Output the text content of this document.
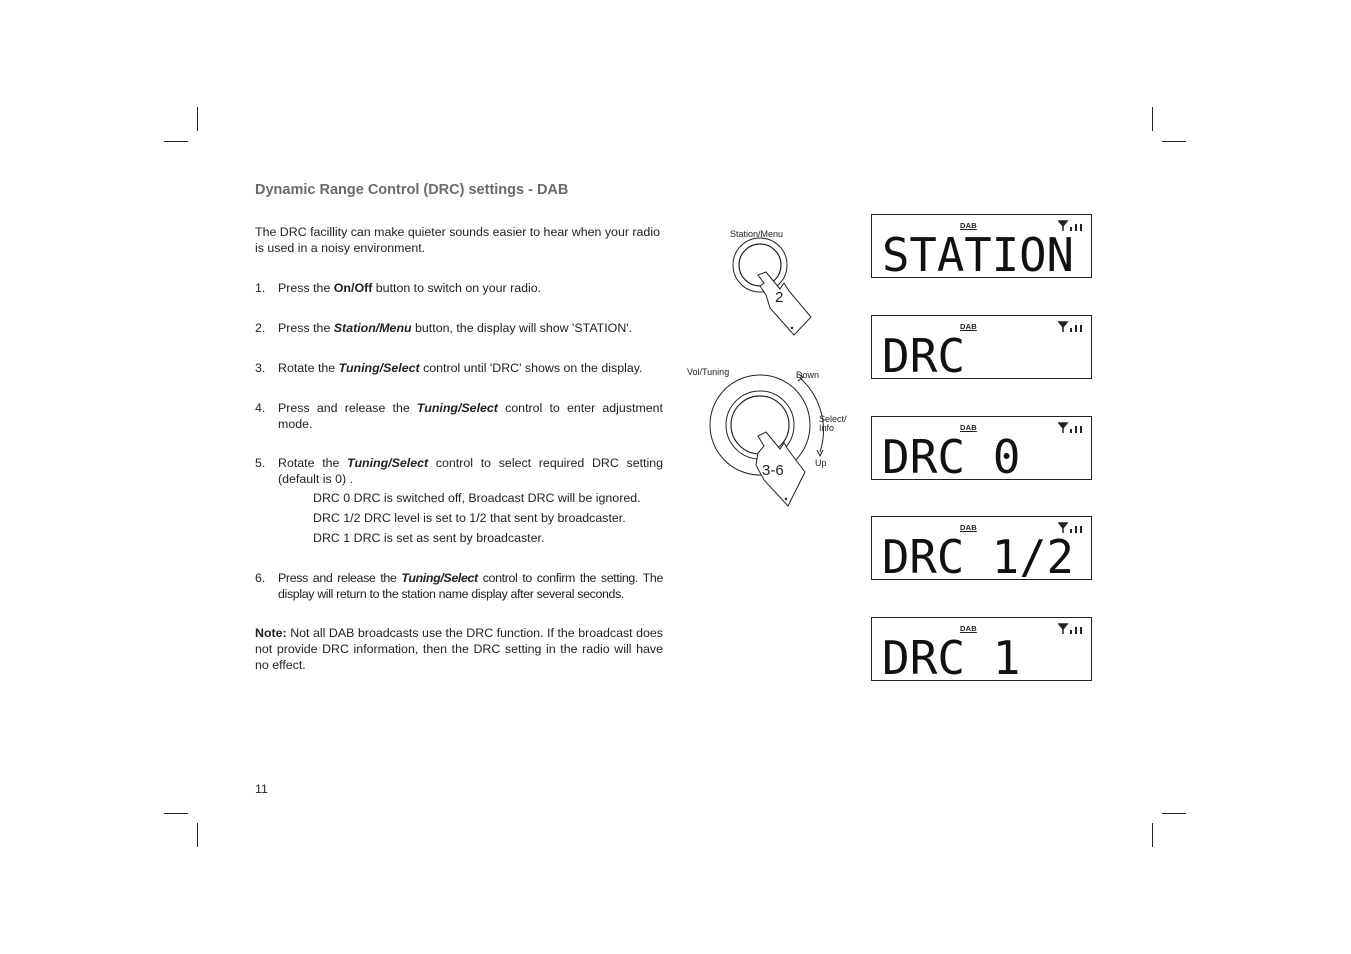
Dynamic Range Control (DRC) settings - DAB
The DRC facillity can make quieter sounds easier to hear when your radio is used in a noisy environment.
1. Press the On/Off button to switch on your radio.
2. Press the Station/Menu button, the display will show 'STATION'.
3. Rotate the Tuning/Select control until 'DRC' shows on the display.
4. Press and release the Tuning/Select control to enter adjustment mode.
5. Rotate the Tuning/Select control to select required DRC setting (default is 0) .
DRC 0 DRC is switched off, Broadcast DRC will be ignored.
DRC 1/2 DRC level is set to 1/2 that sent by broadcaster.
DRC 1 DRC is set as sent by broadcaster.
6. Press and release the Tuning/Select control to confirm the setting. The display will return to the station name display after several seconds.
Note: Not all DAB broadcasts use the DRC function. If the broadcast does not provide DRC information, then the DRC setting in the radio will have no effect.
11
Station/Menu
Vol/Tuning	Down
Select/
Info
Up
2
3-6
DAB
STATION
DAB
DRC
DAB
DRC 0
DAB
DRC 1/2
DAB
DRC 1
